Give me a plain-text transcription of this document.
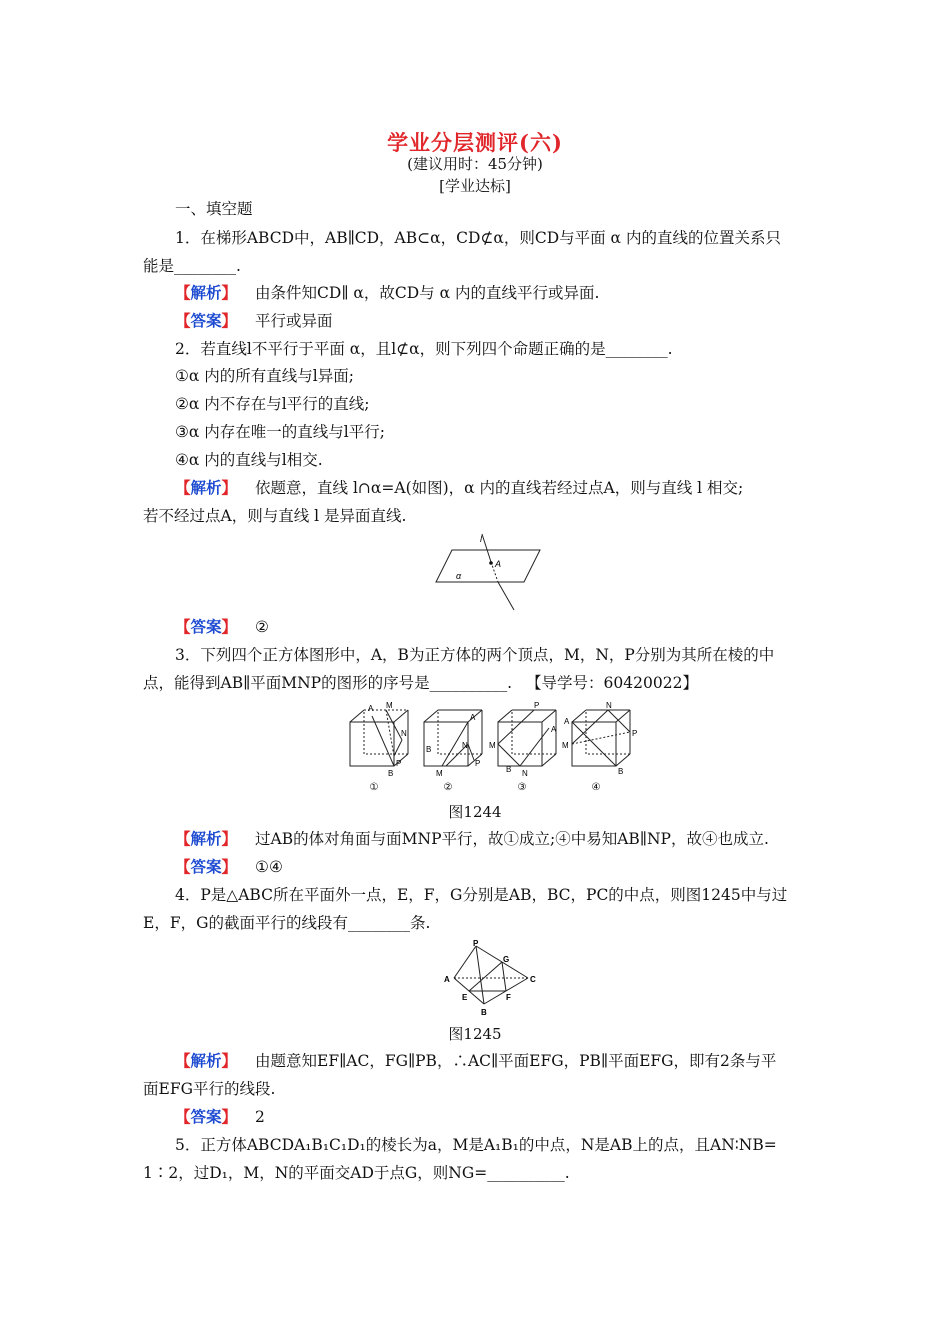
学业分层测评(六)
(建议用时：45分钟)
[学业达标]
一、填空题
1．在梯形ABCD中，AB∥CD，AB⊂α，CD⊄α，则CD与平面 α 内的直线的位置关系只
能是________.
【解析】 由条件知CD∥ α，故CD与 α 内的直线平行或异面.
【答案】 平行或异面
2．若直线l不平行于平面 α，且l⊄α，则下列四个命题正确的是________.
①α 内的所有直线与l异面;
②α 内不存在与l平行的直线;
③α 内存在唯一的直线与l平行;
④α 内的直线与l相交.
【解析】 依题意，直线 l∩α=A(如图)，α 内的直线若经过点A，则与直线 l 相交;
若不经过点A，则与直线 l 是异面直线.
l
A
α
【答案】 ②
3．下列四个正方体图形中，A，B为正方体的两个顶点，M，N，P分别为其所在棱的中
点，能得到AB∥平面MNP的图形的序号是__________. 【导学号：60420022】
A M
N
P
B
A
B	N
M
P
P
A
M
B N
A
N
P
M
B
①	②	③	④
图1244
【解析】 过AB的体对角面与面MNP平行，故①成立;④中易知AB∥NP，故④也成立.
【答案】 ①④
4．P是△ABC所在平面外一点，E，F，G分别是AB，BC，PC的中点，则图1245中与过
E，F，G的截面平行的线段有________条.
P
A	C
B
E	F
G
图1245
【解析】 由题意知EF∥AC，FG∥PB，∴AC∥平面EFG，PB∥平面EFG，即有2条与平
面EFG平行的线段.
【答案】 2
5．正方体ABCDA₁B₁C₁D₁的棱长为a，M是A₁B₁的中点，N是AB上的点，且AN∶NB=
1∶2，过D₁，M，N的平面交AD于点G，则NG=__________.
